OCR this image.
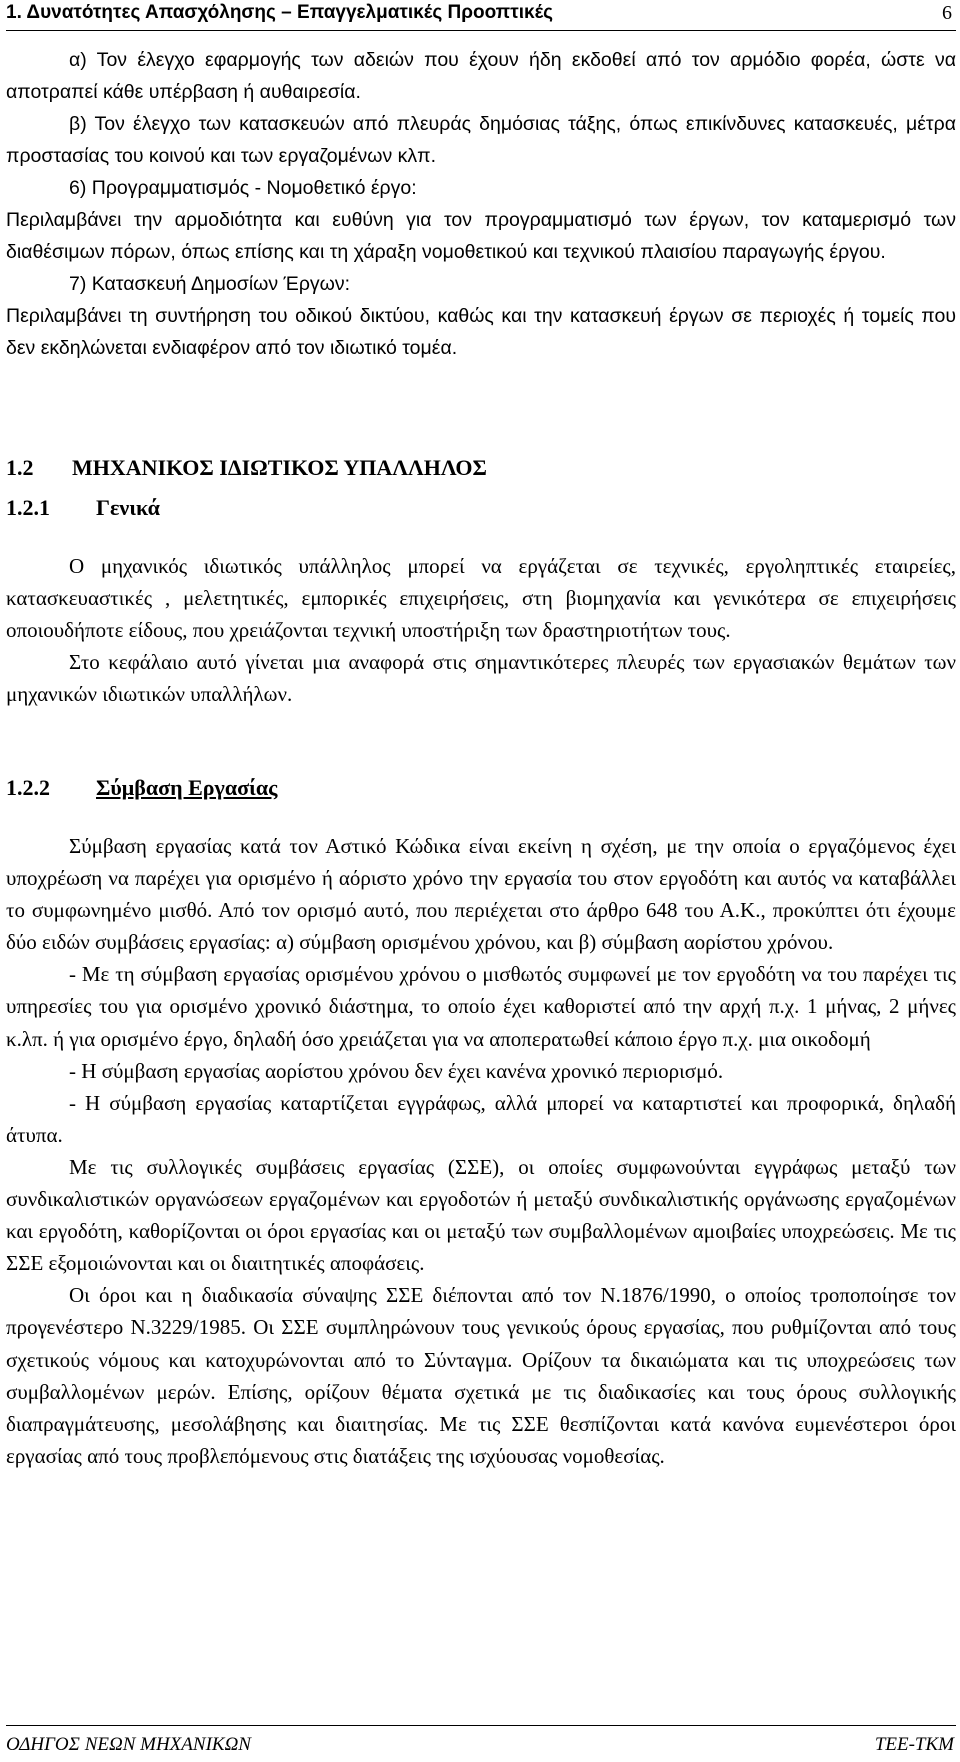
1. Δυνατότητες Απασχόλησης – Επαγγελματικές Προοπτικές	6

α) Τον έλεγχο εφαρμογής των αδειών που έχουν ήδη εκδοθεί από τον αρμόδιο φορέα, ώστε να αποτραπεί κάθε υπέρβαση ή αυθαιρεσία.

β) Τον έλεγχο των κατασκευών από πλευράς δημόσιας τάξης, όπως επικίνδυνες κατασκευές, μέτρα προστασίας του κοινού και των εργαζομένων κλπ.

6) Προγραμματισμός - Νομοθετικό έργο:

Περιλαμβάνει την αρμοδιότητα και ευθύνη για τον προγραμματισμό των έργων, τον καταμερισμό των διαθέσιμων πόρων, όπως επίσης και τη χάραξη νομοθετικού και τεχνικού πλαισίου παραγωγής έργου.

7) Κατασκευή Δημοσίων Έργων:

Περιλαμβάνει τη συντήρηση του οδικού δικτύου, καθώς και την κατασκευή έργων σε περιοχές ή τομείς που δεν εκδηλώνεται ενδιαφέρον από τον ιδιωτικό τομέα.

1.2 ΜΗΧΑΝΙΚΟΣ ΙΔΙΩΤΙΚΟΣ ΥΠΑΛΛΗΛΟΣ
1.2.1 Γενικά

Ο μηχανικός ιδιωτικός υπάλληλος μπορεί να εργάζεται σε τεχνικές, εργοληπτικές εταιρείες, κατασκευαστικές , μελετητικές, εμπορικές επιχειρήσεις, στη βιομηχανία και γενικότερα σε επιχειρήσεις οποιουδήποτε είδους, που χρειάζονται τεχνική υποστήριξη των δραστηριοτήτων τους.

Στο κεφάλαιο αυτό γίνεται μια αναφορά στις σημαντικότερες πλευρές των εργασιακών θεμάτων των μηχανικών ιδιωτικών υπαλλήλων.

1.2.2 Σύμβαση Εργασίας

Σύμβαση εργασίας κατά τον Αστικό Κώδικα είναι εκείνη η σχέση, με την οποία ο εργαζόμενος έχει υποχρέωση να παρέχει για ορισμένο ή αόριστο χρόνο την εργασία του στον εργοδότη και αυτός να καταβάλλει το συμφωνημένο μισθό. Από τον ορισμό αυτό, που περιέχεται στο άρθρο 648 του Α.Κ., προκύπτει ότι έχουμε δύο ειδών συμβάσεις εργασίας: α) σύμβαση ορισμένου χρόνου, και β) σύμβαση αορίστου χρόνου.

- Με τη σύμβαση εργασίας ορισμένου χρόνου ο μισθωτός συμφωνεί με τον εργοδότη να του παρέχει τις υπηρεσίες του για ορισμένο χρονικό διάστημα, το οποίο έχει καθοριστεί από την αρχή π.χ. 1 μήνας, 2 μήνες κ.λπ. ή για ορισμένο έργο, δηλαδή όσο χρειάζεται για να αποπερατωθεί κάποιο έργο π.χ. μια οικοδομή

- Η σύμβαση εργασίας αορίστου χρόνου δεν έχει κανένα χρονικό περιορισμό.

- Η σύμβαση εργασίας καταρτίζεται εγγράφως, αλλά μπορεί να καταρτιστεί και προφορικά, δηλαδή άτυπα.

Με τις συλλογικές συμβάσεις εργασίας (ΣΣΕ), οι οποίες συμφωνούνται εγγράφως μεταξύ των συνδικαλιστικών οργανώσεων εργαζομένων και εργοδοτών ή μεταξύ συνδικαλιστικής οργάνωσης εργαζομένων και εργοδότη, καθορίζονται οι όροι εργασίας και οι μεταξύ των συμβαλλομένων αμοιβαίες υποχρεώσεις. Με τις ΣΣΕ εξομοιώνονται και οι διαιτητικές αποφάσεις.

Οι όροι και η διαδικασία σύναψης ΣΣΕ διέπονται από τον Ν.1876/1990, ο οποίος τροποποίησε τον προγενέστερο Ν.3229/1985. Οι ΣΣΕ συμπληρώνουν τους γενικούς όρους εργασίας, που ρυθμίζονται από τους σχετικούς νόμους και κατοχυρώνονται από το Σύνταγμα. Ορίζουν τα δικαιώματα και τις υποχρεώσεις των συμβαλλομένων μερών. Επίσης, ορίζουν θέματα σχετικά με τις διαδικασίες και τους όρους συλλογικής διαπραγμάτευσης, μεσολάβησης και διαιτησίας. Με τις ΣΣΕ θεσπίζονται κατά κανόνα ευμενέστεροι όροι εργασίας από τους προβλεπόμενους στις διατάξεις της ισχύουσας νομοθεσίας.

ΟΔΗΓΟΣ ΝΕΩΝ ΜΗΧΑΝΙΚΩΝ	ΤΕΕ-ΤΚΜ
